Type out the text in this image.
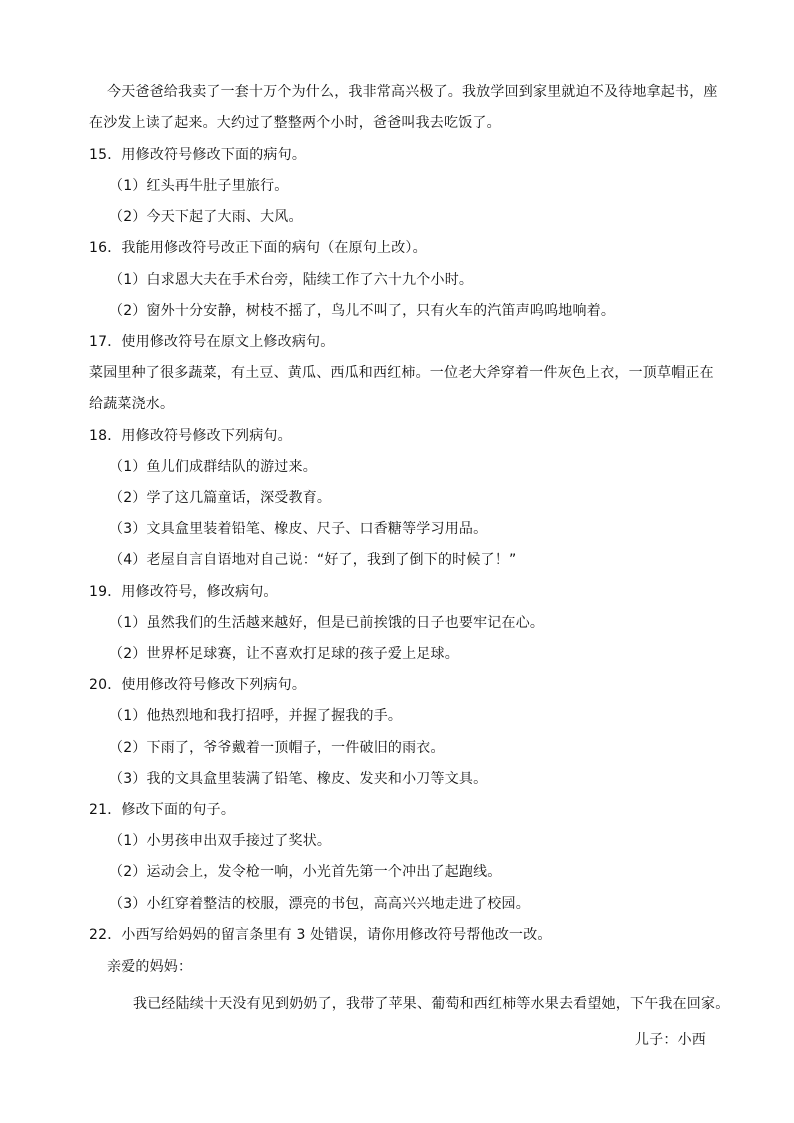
今天爸爸给我卖了一套十万个为什么，我非常高兴极了。我放学回到家里就迫不及待地拿起书，座
在沙发上读了起来。大约过了整整两个小时，爸爸叫我去吃饭了。
15．用修改符号修改下面的病句。
（1）红头再牛肚子里旅行。
（2）今天下起了大雨、大风。
16．我能用修改符号改正下面的病句（在原句上改）。
（1）白求恩大夫在手术台旁，陆续工作了六十九个小时。
（2）窗外十分安静，树枝不摇了，鸟儿不叫了，只有火车的汽笛声呜呜地响着。
17．使用修改符号在原文上修改病句。
菜园里种了很多蔬菜，有土豆、黄瓜、西瓜和西红柿。一位老大斧穿着一件灰色上衣，一顶草帽正在
给蔬菜浇水。
18．用修改符号修改下列病句。
（1）鱼儿们成群结队的游过来。
（2）学了这几篇童话，深受教育。
（3）文具盒里装着铅笔、橡皮、尺子、口香糖等学习用品。
（4）老屋自言自语地对自己说：“好了，我到了倒下的时候了！”
19．用修改符号，修改病句。
（1）虽然我们的生活越来越好，但是已前挨饿的日子也要牢记在心。
（2）世界杯足球赛，让不喜欢打足球的孩子爱上足球。
20．使用修改符号修改下列病句。
（1）他热烈地和我打招呼，并握了握我的手。
（2）下雨了，爷爷戴着一顶帽子，一件破旧的雨衣。
（3）我的文具盒里装满了铅笔、橡皮、发夹和小刀等文具。
21．修改下面的句子。
（1）小男孩申出双手接过了奖状。
（2）运动会上，发令枪一响，小光首先第一个冲出了起跑线。
（3）小红穿着整洁的校服，漂亮的书包，高高兴兴地走进了校园。
22．小西写给妈妈的留言条里有 3 处错误，请你用修改符号帮他改一改。
亲爱的妈妈：
我已经陆续十天没有见到奶奶了，我带了苹果、葡萄和西红柿等水果去看望她，下午我在回家。
儿子：小西
